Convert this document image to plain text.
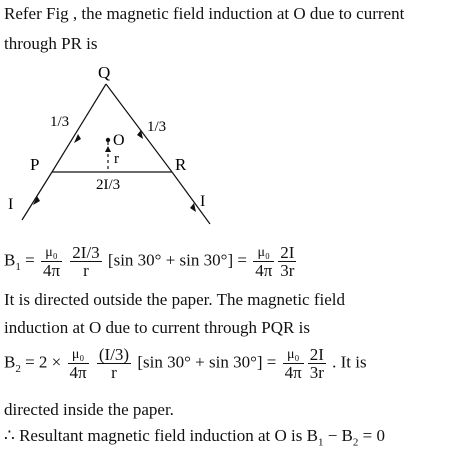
Refer Fig , the magnetic field induction at O due to current
through PR is
Q
P	R
O
r
1/3	1/3
2I/3
I	I
$B_1 = \frac{\text{μ₀}}{4\pi}$
$\frac{2I/3}{r} [\sin$ $30^\circ + \sin 30^\circ] = \frac{\text{μ₀}}{4\pi} \frac{2I}{3r}$
It is directed outside the paper. The magnetic field
induction at O due to current through PQR is
$B_2 = 2 \times \frac{\text{μ₀}}{4\pi}$
$\frac{(I/3)}{r} [\sin$ $30^\circ + \sin 30^\circ] = \frac{\text{μ₀}}{4\pi} \frac{2I}{3r}$ . It is
directed inside the paper.
∴ Resultant magnetic field induction at O is $B_1 - B_2 = 0$
